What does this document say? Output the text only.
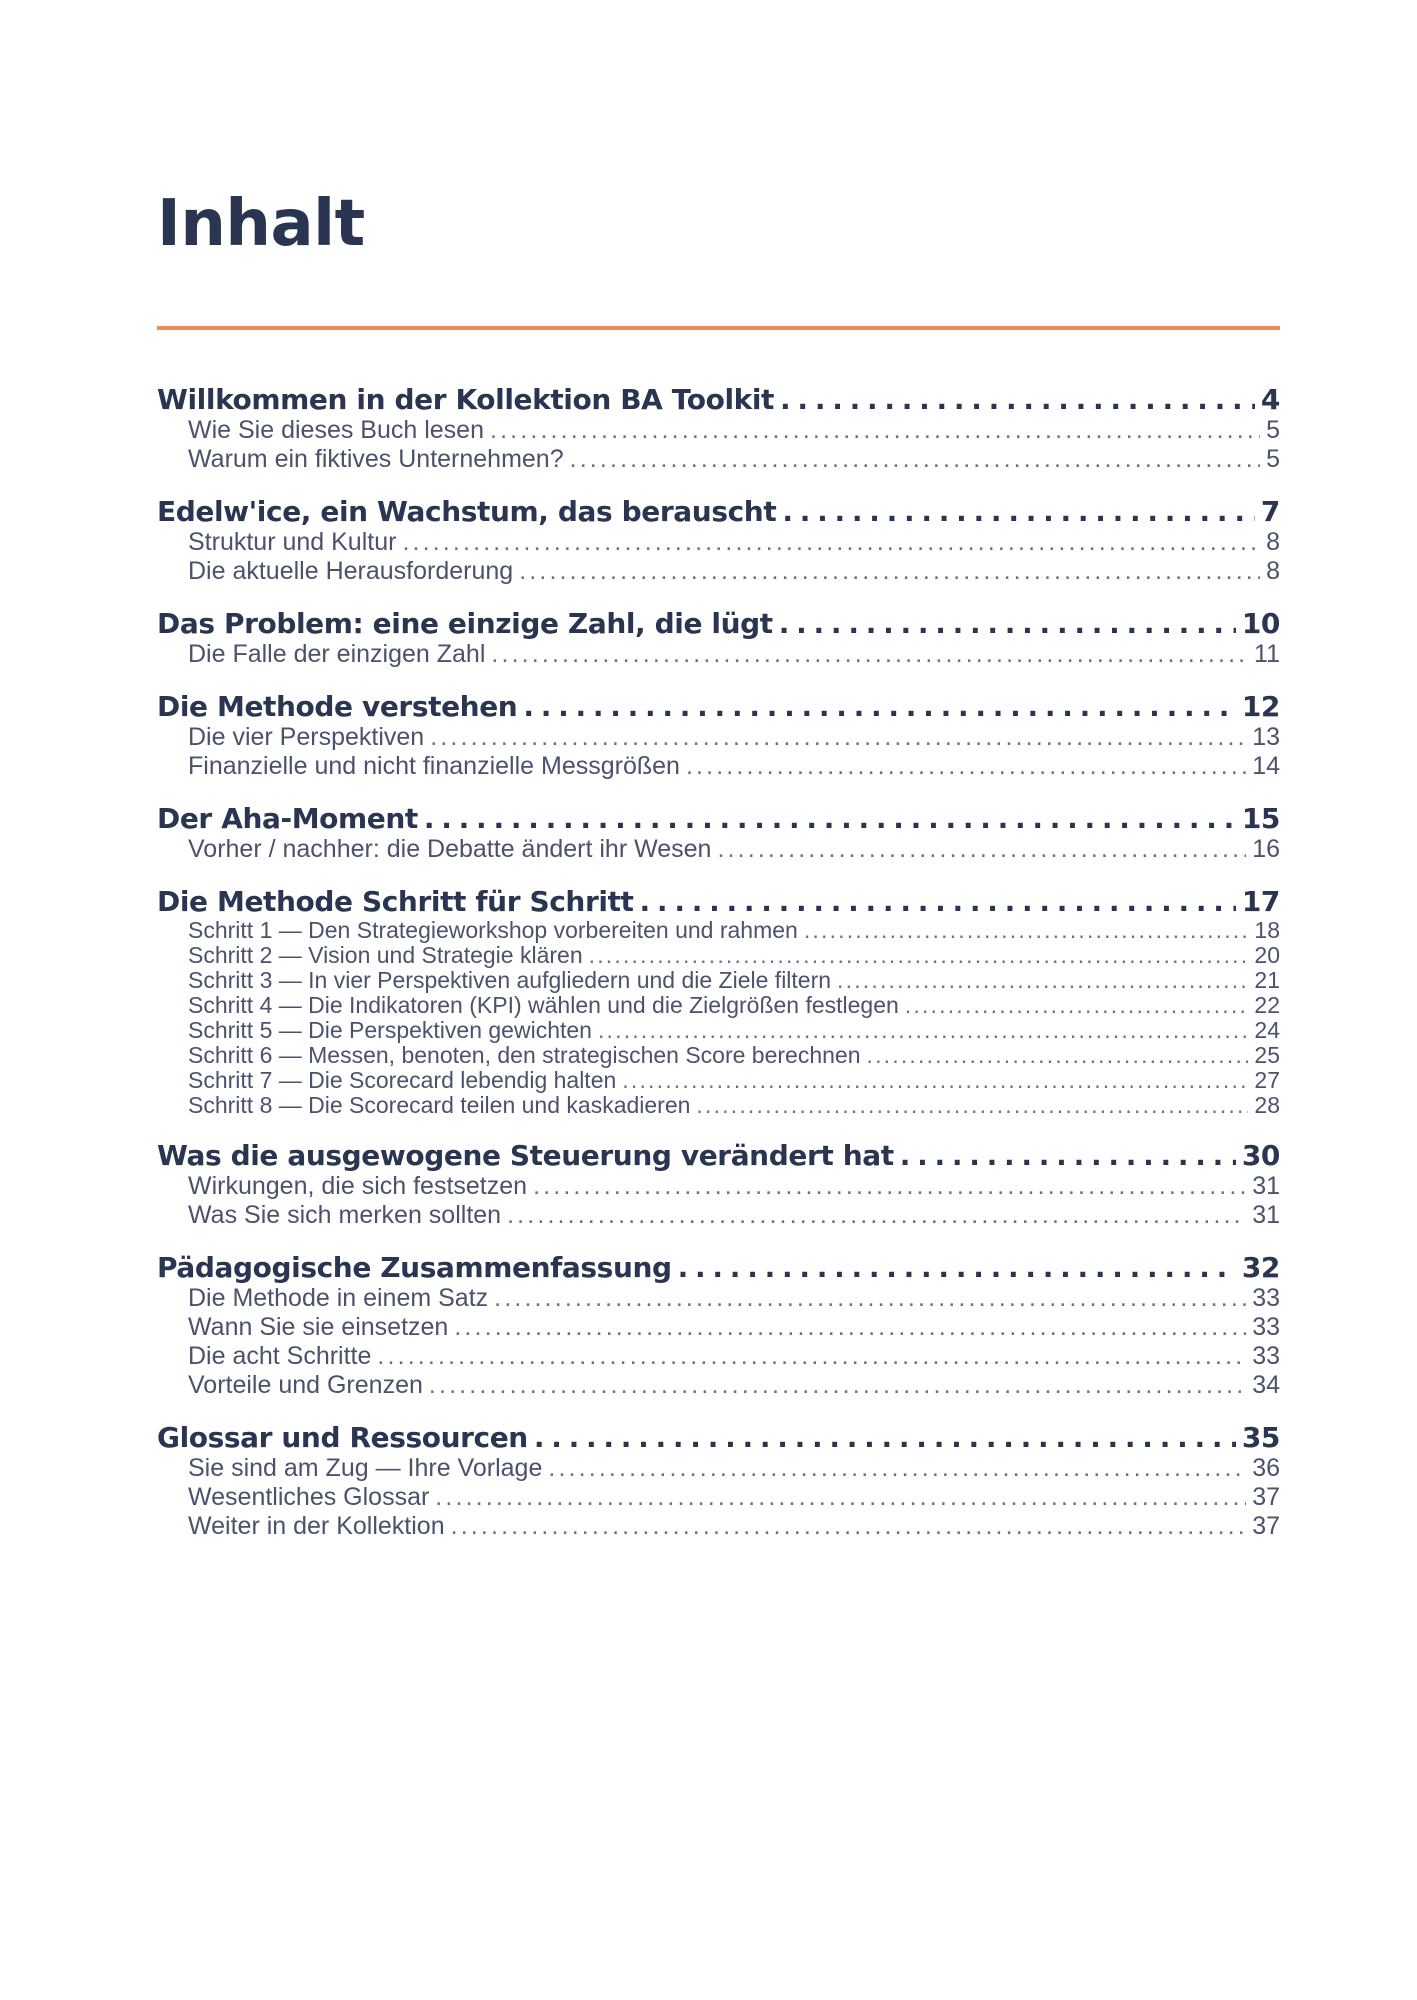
Inhalt
Willkommen in der Kollektion BA Toolkit . . .	4
Wie Sie dieses Buch lesen . . .	5
Warum ein fiktives Unternehmen? . . .	5
Edelw'ice, ein Wachstum, das berauscht . . .	7
Struktur und Kultur . . .	8
Die aktuelle Herausforderung . . .	8
Das Problem: eine einzige Zahl, die lügt . . .	10
Die Falle der einzigen Zahl . . .	11
Die Methode verstehen . . .	12
Die vier Perspektiven . . .	13
Finanzielle und nicht finanzielle Messgrößen . . .	14
Der Aha-Moment . . .	15
Vorher / nachher: die Debatte ändert ihr Wesen . . .	16
Die Methode Schritt für Schritt . . .	17
Schritt 1 — Den Strategieworkshop vorbereiten und rahmen . . .	18
Schritt 2 — Vision und Strategie klären . . .	20
Schritt 3 — In vier Perspektiven aufgliedern und die Ziele filtern . . .	21
Schritt 4 — Die Indikatoren (KPI) wählen und die Zielgrößen festlegen . . .	22
Schritt 5 — Die Perspektiven gewichten . . .	24
Schritt 6 — Messen, benoten, den strategischen Score berechnen . . .	25
Schritt 7 — Die Scorecard lebendig halten . . .	27
Schritt 8 — Die Scorecard teilen und kaskadieren . . .	28
Was die ausgewogene Steuerung verändert hat . . .	30
Wirkungen, die sich festsetzen . . .	31
Was Sie sich merken sollten . . .	31
Pädagogische Zusammenfassung . . .	32
Die Methode in einem Satz . . .	33
Wann Sie sie einsetzen . . .	33
Die acht Schritte . . .	33
Vorteile und Grenzen . . .	34
Glossar und Ressourcen . . .	35
Sie sind am Zug — Ihre Vorlage . . .	36
Wesentliches Glossar . . .	37
Weiter in der Kollektion . . .	37
